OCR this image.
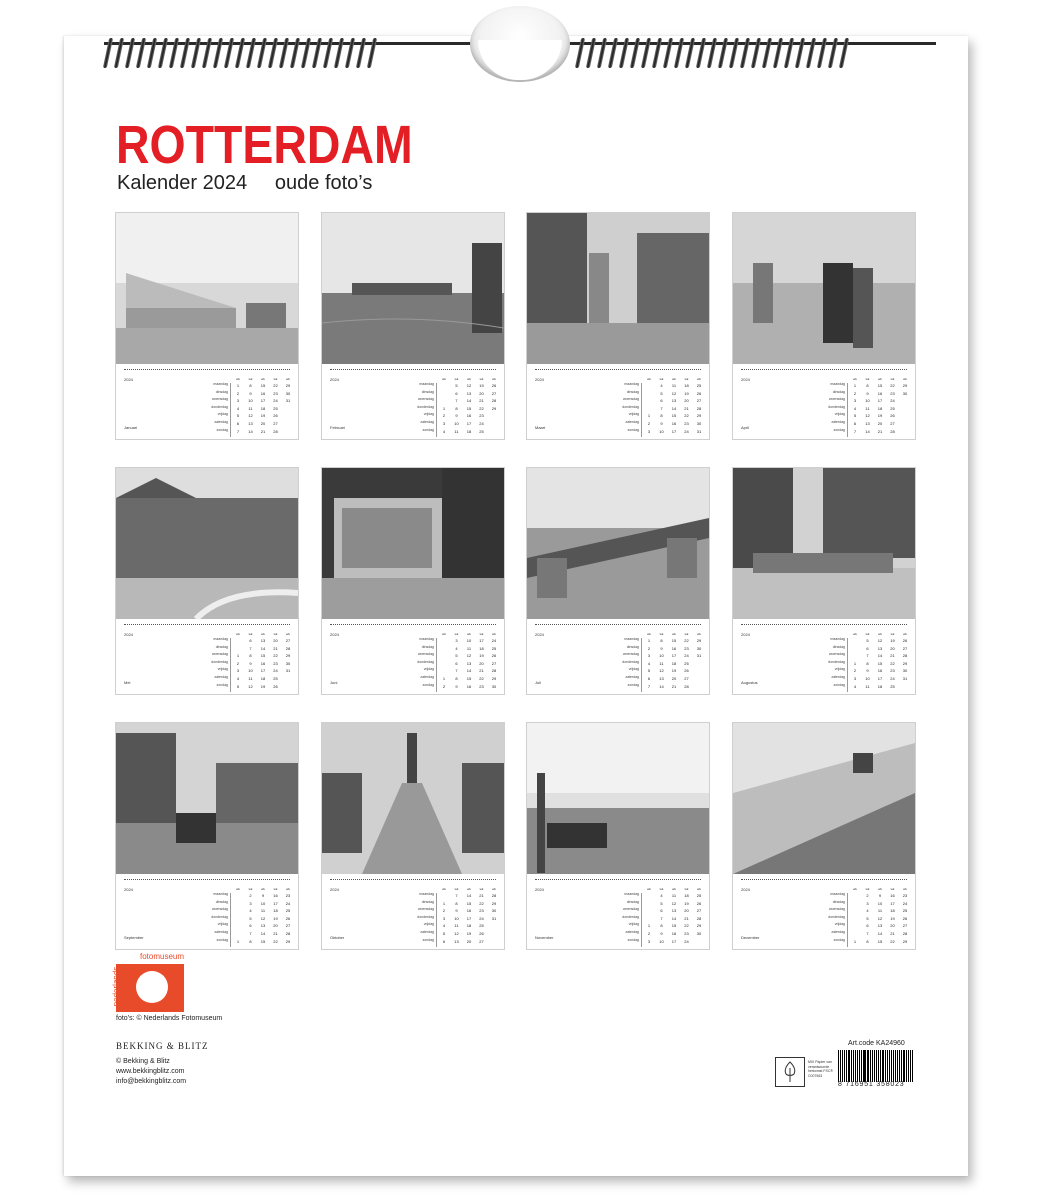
ROTTERDAM
Kalender 2024     oude foto’s
2024
Januari
maandag
dinsdag
woensdag
donderdag
vrijdag
zaterdag
zondag
wk
1
2
3
4
5
6
7
wk
8
9
10
11
12
13
14
wk
15
16
17
18
19
20
21
wk
22
23
24
25
26
27
28
wk
29
30
31
2024
Februari
maandag
dinsdag
woensdag
donderdag
vrijdag
zaterdag
zondag
wk
1
2
3
4
wk
5
6
7
8
9
10
11
wk
12
13
14
15
16
17
18
wk
19
20
21
22
23
24
25
wk
26
27
28
29
2024
Maart
maandag
dinsdag
woensdag
donderdag
vrijdag
zaterdag
zondag
wk
1
2
3
wk
4
5
6
7
8
9
10
wk
11
12
13
14
15
16
17
wk
18
19
20
21
22
23
24
wk
25
26
27
28
29
30
31
2024
April
maandag
dinsdag
woensdag
donderdag
vrijdag
zaterdag
zondag
wk
1
2
3
4
5
6
7
wk
8
9
10
11
12
13
14
wk
15
16
17
18
19
20
21
wk
22
23
24
25
26
27
28
wk
29
30
2024
Mei
maandag
dinsdag
woensdag
donderdag
vrijdag
zaterdag
zondag
wk
1
2
3
4
5
wk
6
7
8
9
10
11
12
wk
13
14
15
16
17
18
19
wk
20
21
22
23
24
25
26
wk
27
28
29
30
31
2024
Juni
maandag
dinsdag
woensdag
donderdag
vrijdag
zaterdag
zondag
wk
1
2
wk
3
4
5
6
7
8
9
wk
10
11
12
13
14
15
16
wk
17
18
19
20
21
22
23
wk
24
25
26
27
28
29
30
2024
Juli
maandag
dinsdag
woensdag
donderdag
vrijdag
zaterdag
zondag
wk
1
2
3
4
5
6
7
wk
8
9
10
11
12
13
14
wk
15
16
17
18
19
20
21
wk
22
23
24
25
26
27
28
wk
29
30
31
2024
Augustus
maandag
dinsdag
woensdag
donderdag
vrijdag
zaterdag
zondag
wk
1
2
3
4
wk
5
6
7
8
9
10
11
wk
12
13
14
15
16
17
18
wk
19
20
21
22
23
24
25
wk
26
27
28
29
30
31
2024
September
maandag
dinsdag
woensdag
donderdag
vrijdag
zaterdag
zondag
wk
1
wk
2
3
4
5
6
7
8
wk
9
10
11
12
13
14
15
wk
16
17
18
19
20
21
22
wk
23
24
25
26
27
28
29
2024
Oktober
maandag
dinsdag
woensdag
donderdag
vrijdag
zaterdag
zondag
wk
1
2
3
4
5
6
wk
7
8
9
10
11
12
13
wk
14
15
16
17
18
19
20
wk
21
22
23
24
25
26
27
wk
28
29
30
31
2024
November
maandag
dinsdag
woensdag
donderdag
vrijdag
zaterdag
zondag
wk
1
2
3
wk
4
5
6
7
8
9
10
wk
11
12
13
14
15
16
17
wk
18
19
20
21
22
23
24
wk
25
26
27
28
29
30
2024
December
maandag
dinsdag
woensdag
donderdag
vrijdag
zaterdag
zondag
wk
1
wk
2
3
4
5
6
7
8
wk
9
10
11
12
13
14
15
wk
16
17
18
19
20
21
22
wk
23
24
25
26
27
28
29
fotomuseum
nederlands
foto’s: © Nederlands Fotomuseum
BEKKING & BLITZ
© Bekking & Blitz
www.bekkingblitz.com
info@bekkingblitz.com
Art.code KA24960
MIX Papier van verantwoorde herkomst FSC® C007563
8 716951 358023
